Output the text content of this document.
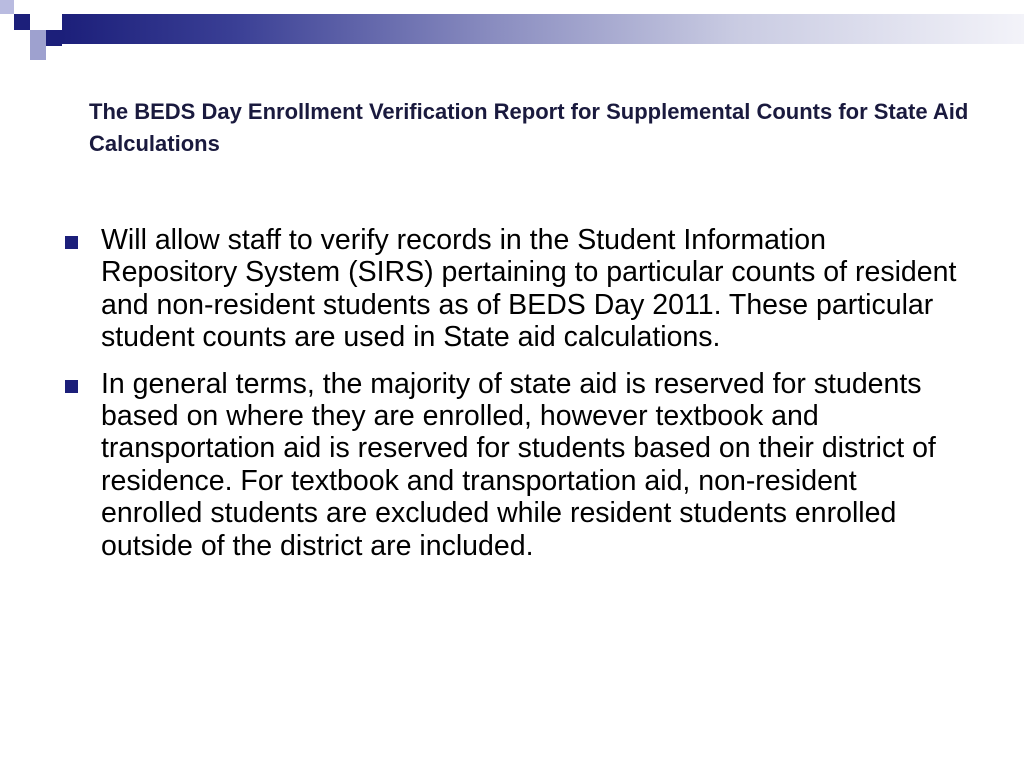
The BEDS Day Enrollment Verification Report for Supplemental Counts for State Aid Calculations
Will allow staff to verify records in the Student Information Repository System (SIRS) pertaining to particular counts of resident and non-resident students as of BEDS Day 2011. These particular student counts are used in State aid calculations.
In general terms, the majority of state aid is reserved for students based on where they are enrolled, however textbook and transportation aid is reserved for students based on their district of residence. For textbook and transportation aid, non-resident enrolled students are excluded while resident students enrolled outside of the district are included.
